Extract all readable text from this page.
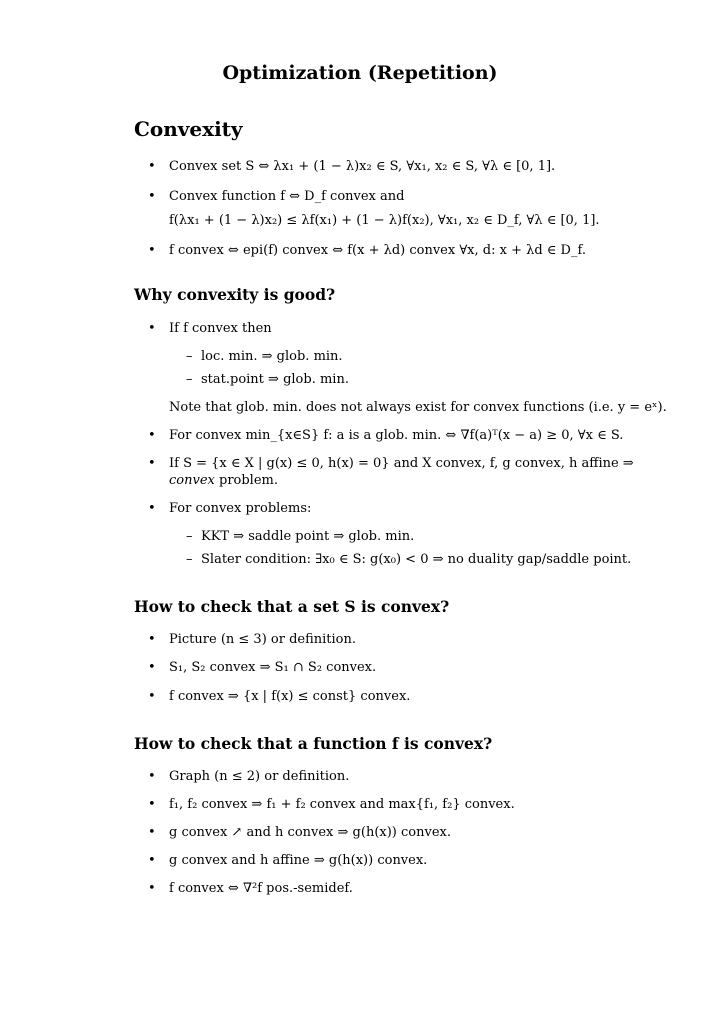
Optimization (Repetition)
Convexity
• Convex set S ⇔ λx₁ + (1 − λ)x₂ ∈ S, ∀x₁, x₂ ∈ S, ∀λ ∈ [0, 1].
• Convex function f ⇔ D_f convex and
f(λx₁ + (1 − λ)x₂) ≤ λf(x₁) + (1 − λ)f(x₂), ∀x₁, x₂ ∈ D_f, ∀λ ∈ [0, 1].
• f convex ⇔ epi(f) convex ⇔ f(x + λd) convex ∀x, d: x + λd ∈ D_f.
Why convexity is good?
• If f convex then
– loc. min. ⇒ glob. min.
– stat.point ⇒ glob. min.
Note that glob. min. does not always exist for convex functions (i.e. y = eˣ).
• For convex min_{x∈S} f: a is a glob. min. ⇔ ∇f(a)ᵀ(x − a) ≥ 0, ∀x ∈ S.
• If S = {x ∈ X | g(x) ≤ 0, h(x) = 0} and X convex, f, g convex, h affine ⇒
convex problem.
• For convex problems:
– KKT ⇒ saddle point ⇒ glob. min.
– Slater condition: ∃x₀ ∈ S: g(x₀) < 0 ⇒ no duality gap/saddle point.
How to check that a set S is convex?
• Picture (n ≤ 3) or definition.
• S₁, S₂ convex ⇒ S₁ ∩ S₂ convex.
• f convex ⇒ {x | f(x) ≤ const} convex.
How to check that a function f is convex?
• Graph (n ≤ 2) or definition.
• f₁, f₂ convex ⇒ f₁ + f₂ convex and max{f₁, f₂} convex.
• g convex ↗ and h convex ⇒ g(h(x)) convex.
• g convex and h affine ⇒ g(h(x)) convex.
• f convex ⇔ ∇²f pos.-semidef.
